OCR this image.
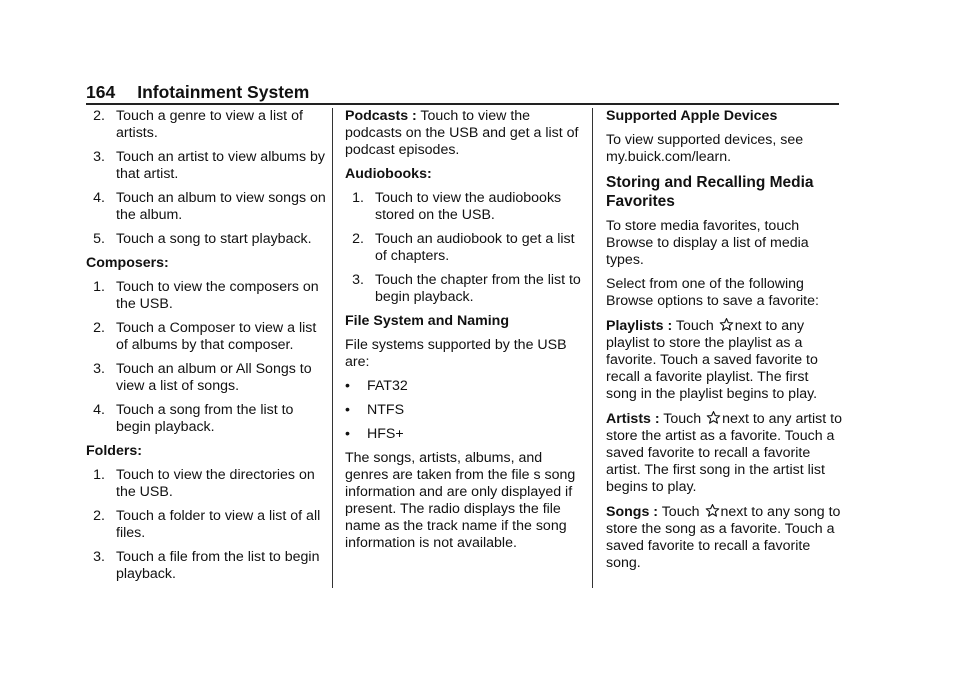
164 Infotainment System
2. Touch a genre to view a list of artists.
3. Touch an artist to view albums by that artist.
4. Touch an album to view songs on the album.
5. Touch a song to start playback.

Composers:

1. Touch to view the composers on the USB.
2. Touch a Composer to view a list of albums by that composer.
3. Touch an album or All Songs to view a list of songs.
4. Touch a song from the list to begin playback.

Folders:

1. Touch to view the directories on the USB.
2. Touch a folder to view a list of all files.
3. Touch a file from the list to begin playback.

Podcasts : Touch to view the podcasts on the USB and get a list of podcast episodes.

Audiobooks:

1. Touch to view the audiobooks stored on the USB.
2. Touch an audiobook to get a list of chapters.
3. Touch the chapter from the list to begin playback.

File System and Naming

File systems supported by the USB are:

•	FAT32
•	NTFS
•	HFS+

The songs, artists, albums, and genres are taken from the file s song information and are only displayed if present. The radio displays the file name as the track name if the song information is not available.

Supported Apple Devices

To view supported devices, see my.buick.com/learn.

Storing and Recalling Media Favorites

To store media favorites, touch Browse to display a list of media types.

Select from one of the following Browse options to save a favorite:

Playlists : Touch next to any playlist to store the playlist as a favorite. Touch a saved favorite to recall a favorite playlist. The first song in the playlist begins to play.

Artists : Touch next to any artist to store the artist as a favorite. Touch a saved favorite to recall a favorite artist. The first song in the artist list begins to play.

Songs : Touch next to any song to store the song as a favorite. Touch a saved favorite to recall a favorite song.
